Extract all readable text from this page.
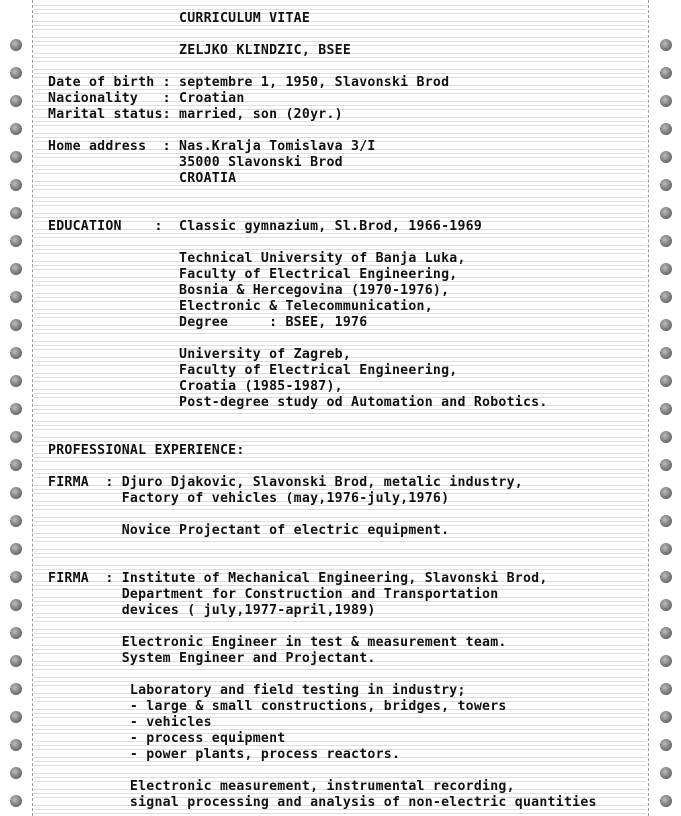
CURRICULUM VITAE

ZELJKO KLINDZIC, BSEE

Date of birth : septembre 1, 1950, Slavonski Brod
Nacionality   : Croatian
Marital status: married, son (20yr.)

Home address  : Nas.Kralja Tomislava 3/I
35000 Slavonski Brod
CROATIA

EDUCATION    :  Classic gymnazium, Sl.Brod, 1966-1969

Technical University of Banja Luka,
Faculty of Electrical Engineering,
Bosnia & Hercegovina (1970-1976),
Electronic & Telecommunication,
Degree     : BSEE, 1976

University of Zagreb,
Faculty of Electrical Engineering,
Croatia (1985-1987),
Post-degree study od Automation and Robotics.

PROFESSIONAL EXPERIENCE:

FIRMA  : Djuro Djakovic, Slavonski Brod, metalic industry,
Factory of vehicles (may,1976-july,1976)

Novice Projectant of electric equipment.

FIRMA  : Institute of Mechanical Engineering, Slavonski Brod,
Department for Construction and Transportation
devices ( july,1977-april,1989)

Electronic Engineer in test & measurement team.
System Engineer and Projectant.

Laboratory and field testing in industry;
- large & small constructions, bridges, towers
- vehicles
- process equipment
- power plants, process reactors.

Electronic measurement, instrumental recording,
signal processing and analysis of non-electric quantities
